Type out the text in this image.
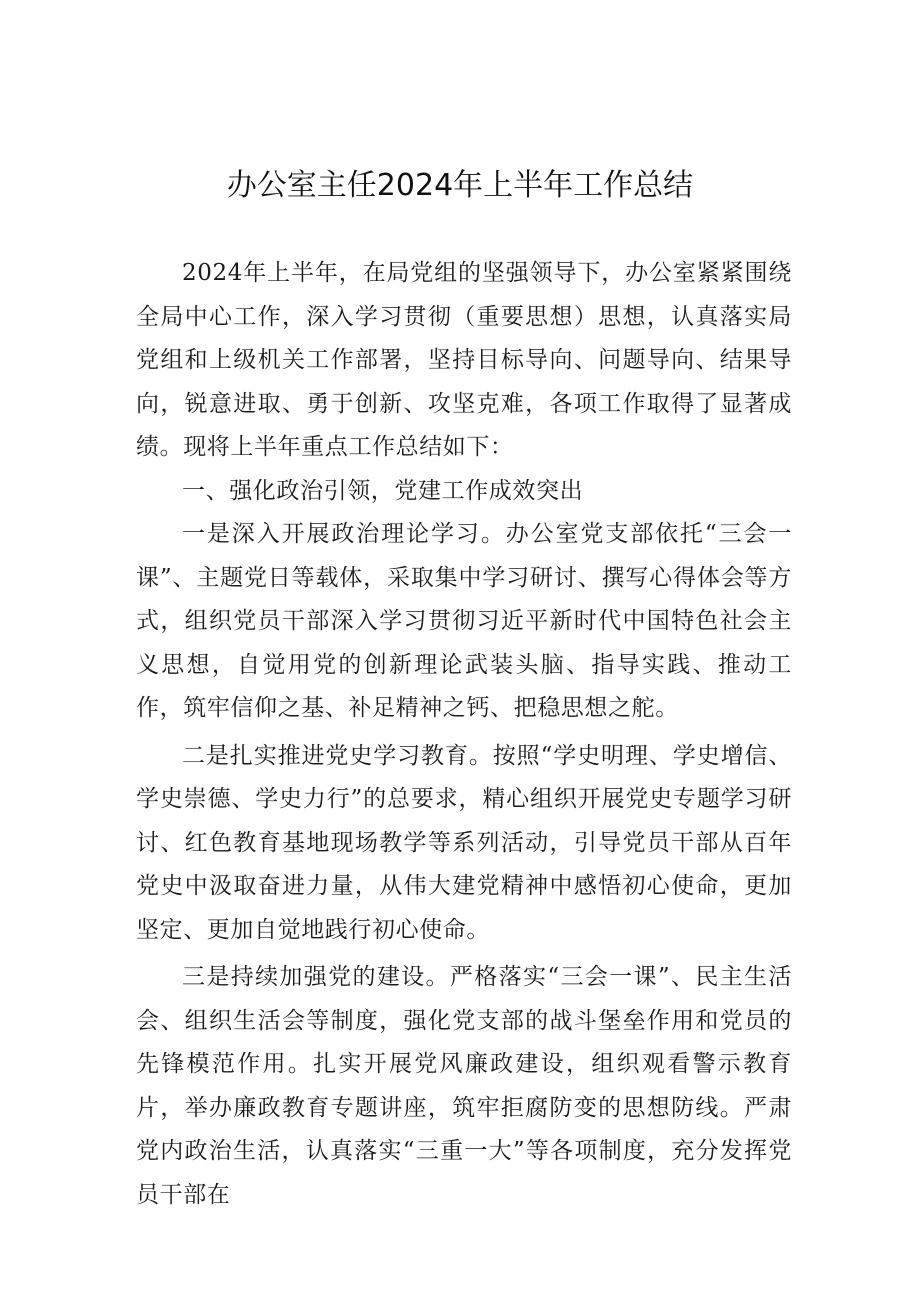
办公室主任2024年上半年工作总结

2024年上半年，在局党组的坚强领导下，办公室紧紧围绕全局中心工作，深入学习贯彻（重要思想）思想，认真落实局党组和上级机关工作部署，坚持目标导向、问题导向、结果导向，锐意进取、勇于创新、攻坚克难，各项工作取得了显著成绩。现将上半年重点工作总结如下：

一、强化政治引领，党建工作成效突出

一是深入开展政治理论学习。办公室党支部依托“三会一课”、主题党日等载体，采取集中学习研讨、撰写心得体会等方式，组织党员干部深入学习贯彻习近平新时代中国特色社会主义思想，自觉用党的创新理论武装头脑、指导实践、推动工作，筑牢信仰之基、补足精神之钙、把稳思想之舵。

二是扎实推进党史学习教育。按照“学史明理、学史增信、学史崇德、学史力行”的总要求，精心组织开展党史专题学习研讨、红色教育基地现场教学等系列活动，引导党员干部从百年党史中汲取奋进力量，从伟大建党精神中感悟初心使命，更加坚定、更加自觉地践行初心使命。

三是持续加强党的建设。严格落实“三会一课”、民主生活会、组织生活会等制度，强化党支部的战斗堡垒作用和党员的先锋模范作用。扎实开展党风廉政建设，组织观看警示教育片，举办廉政教育专题讲座，筑牢拒腐防变的思想防线。严肃党内政治生活，认真落实“三重一大”等各项制度，充分发挥党员干部在
